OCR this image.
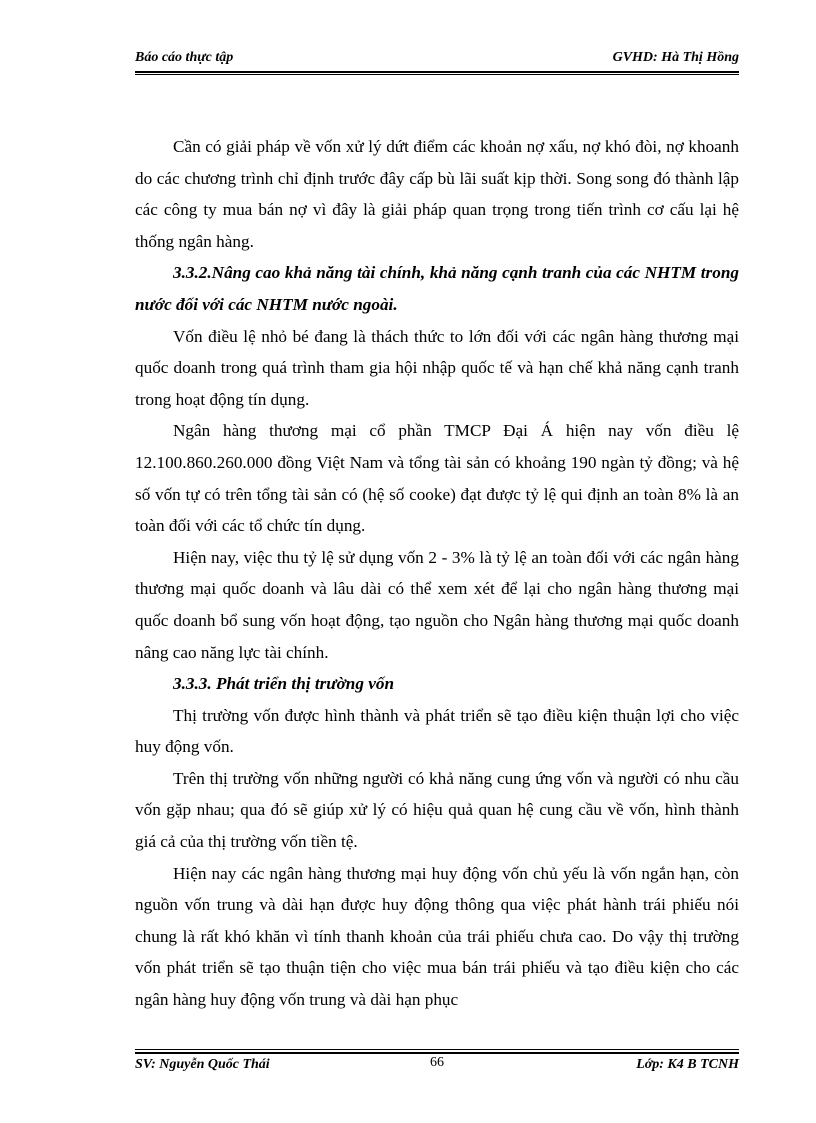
Báo cáo thực tập	GVHD: Hà Thị Hồng

Cần có giải pháp về vốn xử lý dứt điểm các khoản nợ xấu, nợ khó đòi, nợ khoanh do các chương trình chỉ định trước đây cấp bù lãi suất kịp thời. Song song đó thành lập các công ty mua bán nợ vì đây là giải pháp quan trọng trong tiến trình cơ cấu lại hệ thống ngân hàng.

3.3.2.Nâng cao khả năng tài chính, khả năng cạnh tranh của các NHTM trong nước đối với các NHTM nước ngoài.

Vốn điều lệ nhỏ bé đang là thách thức to lớn đối với các ngân hàng thương mại quốc doanh trong quá trình tham gia hội nhập quốc tế và hạn chế khả năng cạnh tranh trong hoạt động tín dụng.

Ngân hàng thương mại cổ phần TMCP Đại Á hiện nay vốn điều lệ 12.100.860.260.000 đồng Việt Nam và tổng tài sản có khoảng 190 ngàn tỷ đồng; và hệ số vốn tự có trên tổng tài sản có (hệ số cooke) đạt được tỷ lệ qui định an toàn 8% là an toàn đối với các tổ chức tín dụng.

Hiện nay, việc thu tỷ lệ sử dụng vốn 2 - 3% là tỷ lệ an toàn đối với các ngân hàng thương mại quốc doanh và lâu dài có thể xem xét để lại cho ngân hàng thương mại quốc doanh bổ sung vốn hoạt động, tạo nguồn cho Ngân hàng thương mại quốc doanh nâng cao năng lực tài chính.

3.3.3. Phát triển thị trường vốn

Thị trường vốn được hình thành và phát triển sẽ tạo điều kiện thuận lợi cho việc huy động vốn.

Trên thị trường vốn những người có khả năng cung ứng vốn và người có nhu cầu vốn gặp nhau; qua đó sẽ giúp xử lý có hiệu quả quan hệ cung cầu về vốn, hình thành giá cả của thị trường vốn tiền tệ.

Hiện nay các ngân hàng thương mại huy động vốn chủ yếu là vốn ngắn hạn, còn nguồn vốn trung và dài hạn được huy động thông qua việc phát hành trái phiếu nói chung là rất khó khăn vì tính thanh khoản của trái phiếu chưa cao. Do vậy thị trường vốn phát triển sẽ tạo thuận tiện cho việc mua bán trái phiếu và tạo điều kiện cho các ngân hàng huy động vốn trung và dài hạn phục

SV: Nguyễn Quốc Thái	66	Lớp: K4 B TCNH
